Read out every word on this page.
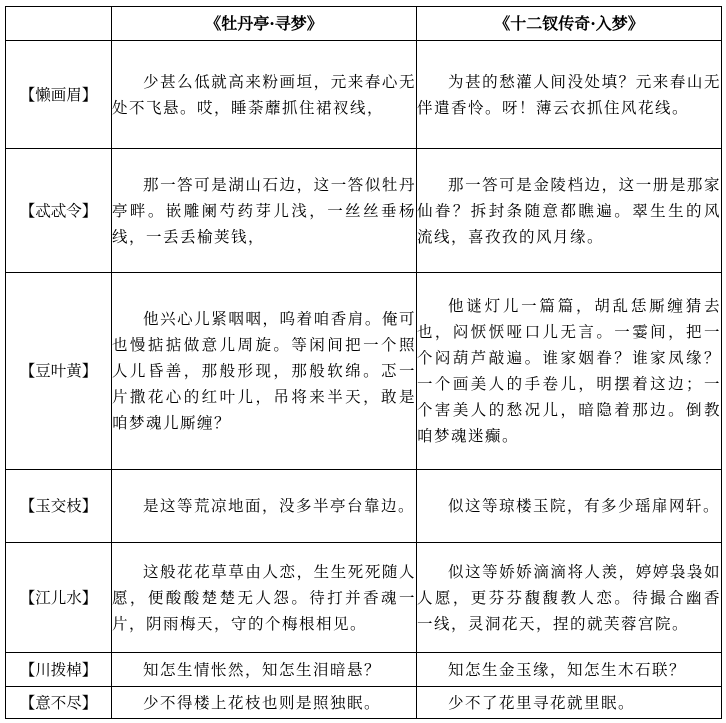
	《牡丹亭·寻梦》	《十二钗传奇·入梦》
【懒画眉】	少甚么低就高来粉画垣，元来春心无处不飞悬。哎，睡荼蘼抓住裙衩线，	为甚的愁灌人间没处填？元来春山无伴遣香怜。呀！薄云衣抓住风花线。
【忒忒令】	那一答可是湖山石边，这一答似牡丹亭畔。嵌雕阑芍药芽儿浅，一丝丝垂杨线，一丢丢榆荚钱，	那一答可是金陵档边，这一册是那家仙眷？拆封条随意都瞧遍。翠生生的风流线，喜孜孜的风月缘。
【豆叶黄】	他兴心儿紧咽咽，呜着咱香肩。俺可也慢掂掂做意儿周旋。等闲间把一个照人儿昏善，那般形现，那般软绵。忑一片撒花心的红叶儿，吊将来半天，敢是咱梦魂儿厮缠？	他谜灯儿一篇篇，胡乱恁厮缠猜去也，闷恹恹哑口儿无言。一霎间，把一个闷葫芦敲遍。谁家姻眷？谁家凤缘？一个画美人的手卷儿，明摆着这边；一个害美人的愁况儿，暗隐着那边。倒教咱梦魂迷癫。
【玉交枝】	是这等荒凉地面，没多半亭台靠边。	似这等琼楼玉院，有多少瑶扉网轩。
【江儿水】	这般花花草草由人恋，生生死死随人愿，便酸酸楚楚无人怨。待打并香魂一片，阴雨梅天，守的个梅根相见。	似这等娇娇滴滴将人羡，婷婷袅袅如人愿，更芬芬馥馥教人恋。待撮合幽香一线，灵洞花天，捏的就芙蓉宫院。
【川拨棹】	知怎生情怅然，知怎生泪暗悬？	知怎生金玉缘，知怎生木石联？
【意不尽】	少不得楼上花枝也则是照独眠。	少不了花里寻花就里眠。
